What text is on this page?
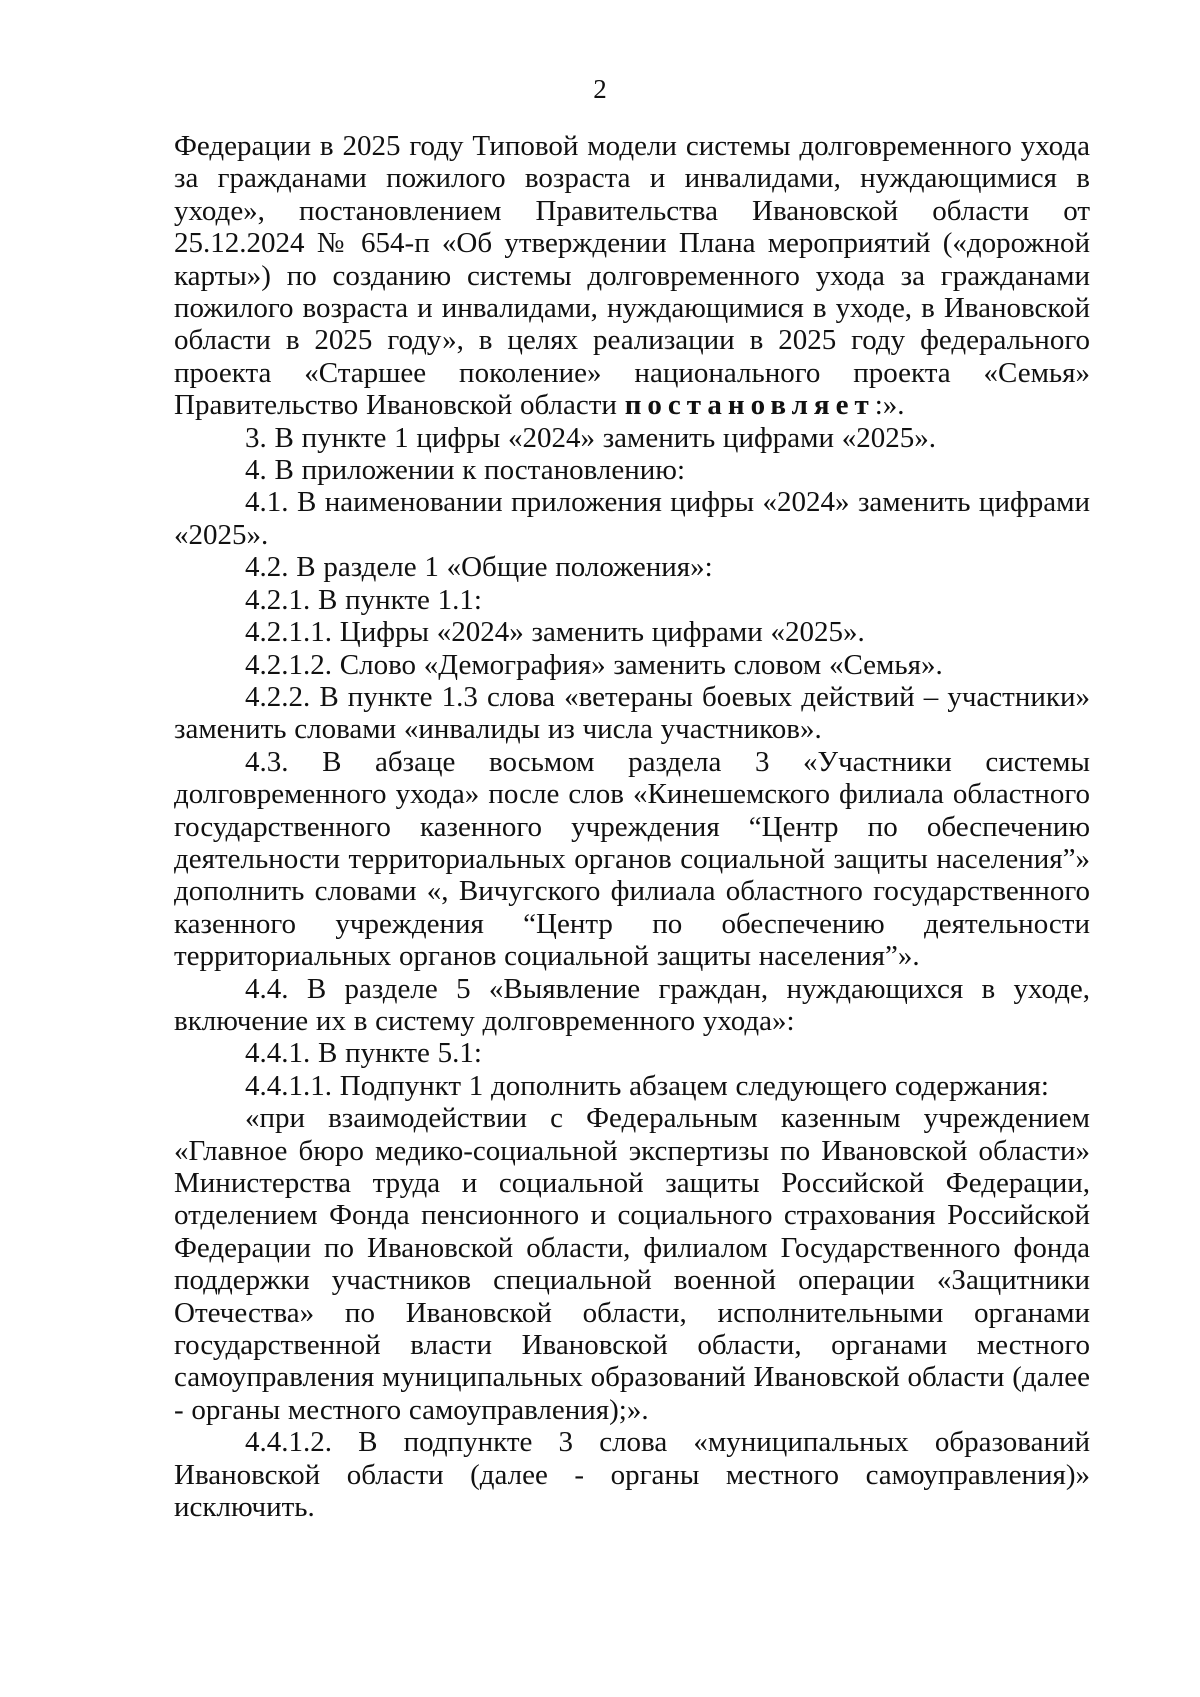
2

Федерации в 2025 году Типовой модели системы долговременного ухода за гражданами пожилого возраста и инвалидами, нуждающимися в уходе», постановлением Правительства Ивановской области от 25.12.2024 № 654-п «Об утверждении Плана мероприятий («дорожной карты») по созданию системы долговременного ухода за гражданами пожилого возраста и инвалидами, нуждающимися в уходе, в Ивановской области в 2025 году», в целях реализации в 2025 году федерального проекта «Старшее поколение» национального проекта «Семья» Правительство Ивановской области постановляет:».

3. В пункте 1 цифры «2024» заменить цифрами «2025».

4. В приложении к постановлению:

4.1. В наименовании приложения цифры «2024» заменить цифрами «2025».

4.2. В разделе 1 «Общие положения»:

4.2.1. В пункте 1.1:

4.2.1.1. Цифры «2024» заменить цифрами «2025».

4.2.1.2. Слово «Демография» заменить словом «Семья».

4.2.2. В пункте 1.3 слова «ветераны боевых действий – участники» заменить словами «инвалиды из числа участников».

4.3. В абзаце восьмом раздела 3 «Участники системы долговременного ухода» после слов «Кинешемского филиала областного государственного казенного учреждения “Центр по обеспечению деятельности территориальных органов социальной защиты населения”» дополнить словами «, Вичугского филиала областного государственного казенного учреждения “Центр по обеспечению деятельности территориальных органов социальной защиты населения”».

4.4. В разделе 5 «Выявление граждан, нуждающихся в уходе, включение их в систему долговременного ухода»:

4.4.1. В пункте 5.1:

4.4.1.1. Подпункт 1 дополнить абзацем следующего содержания:

«при взаимодействии с Федеральным казенным учреждением «Главное бюро медико-социальной экспертизы по Ивановской области» Министерства труда и социальной защиты Российской Федерации, отделением Фонда пенсионного и социального страхования Российской Федерации по Ивановской области, филиалом Государственного фонда поддержки участников специальной военной операции «Защитники Отечества» по Ивановской области, исполнительными органами государственной власти Ивановской области, органами местного самоуправления муниципальных образований Ивановской области (далее - органы местного самоуправления);».

4.4.1.2. В подпункте 3 слова «муниципальных образований Ивановской области (далее - органы местного самоуправления)» исключить.
